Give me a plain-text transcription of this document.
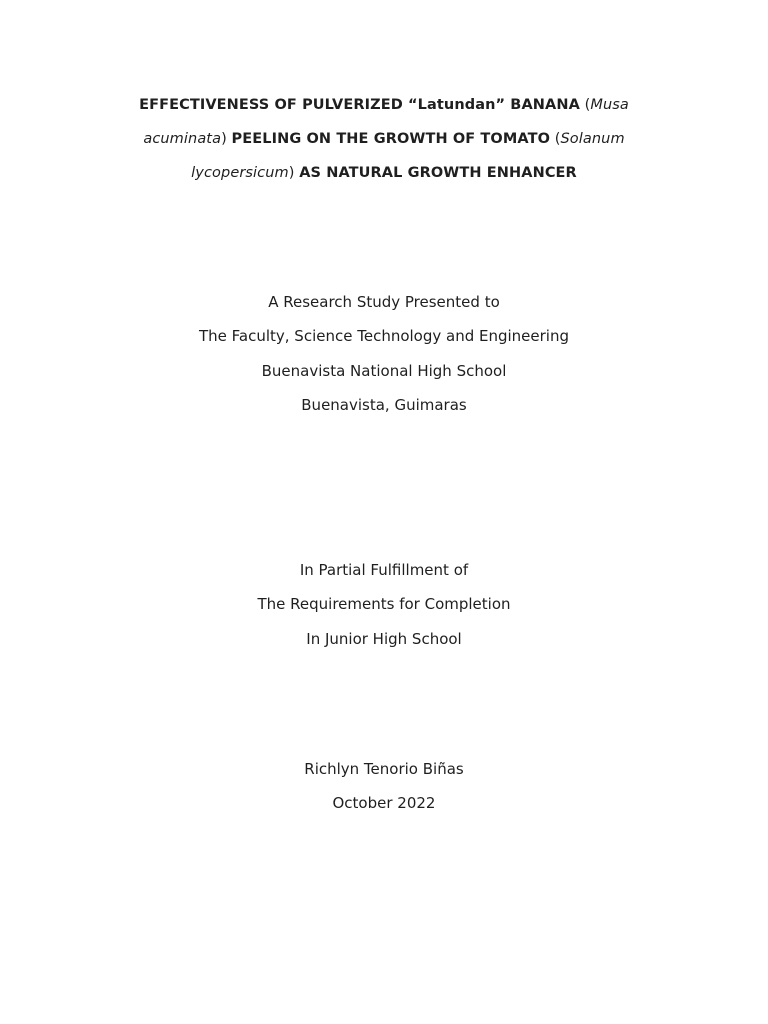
EFFECTIVENESS OF PULVERIZED “Latundan” BANANA (Musa acuminata) PEELING ON THE GROWTH OF TOMATO (Solanum lycopersicum) AS NATURAL GROWTH ENHANCER

A Research Study Presented to

The Faculty, Science Technology and Engineering

Buenavista National High School

Buenavista, Guimaras

In Partial Fulfillment of

The Requirements for Completion

In Junior High School

Richlyn Tenorio Biñas

October 2022
